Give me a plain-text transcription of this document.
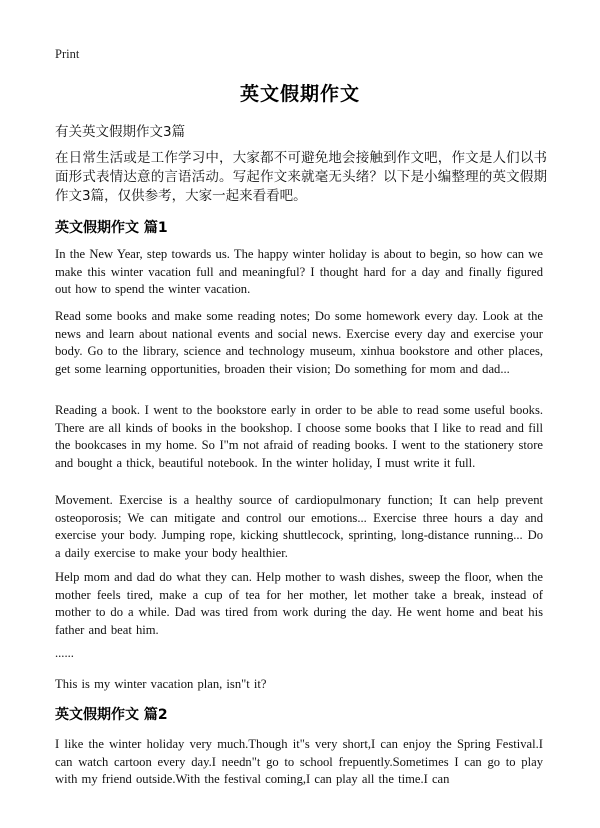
Print
英文假期作文
有关英文假期作文3篇
在日常生活或是工作学习中，大家都不可避免地会接触到作文吧，作文是人们以书面形式表情达意的言语活动。写起作文来就毫无头绪？以下是小编整理的英文假期作文3篇，仅供参考，大家一起来看看吧。
英文假期作文 篇1
In the New Year, step towards us. The happy winter holiday is about to begin, so how can we make this winter vacation full and meaningful? I thought hard for a day and finally figured out how to spend the winter vacation.
Read some books and make some reading notes; Do some homework every day. Look at the news and learn about national events and social news. Exercise every day and exercise your body. Go to the library, science and technology museum, xinhua bookstore and other places, get some learning opportunities, broaden their vision; Do something for mom and dad...
Reading a book. I went to the bookstore early in order to be able to read some useful books. There are all kinds of books in the bookshop. I choose some books that I like to read and fill the bookcases in my home. So I"m not afraid of reading books. I went to the stationery store and bought a thick, beautiful notebook. In the winter holiday, I must write it full.
Movement. Exercise is a healthy source of cardiopulmonary function; It can help prevent osteoporosis; We can mitigate and control our emotions... Exercise three hours a day and exercise your body. Jumping rope, kicking shuttlecock, sprinting, long-distance running... Do a daily exercise to make your body healthier.
Help mom and dad do what they can. Help mother to wash dishes, sweep the floor, when the mother feels tired, make a cup of tea for her mother, let mother take a break, instead of mother to do a while. Dad was tired from work during the day. He went home and beat his father and beat him.
......
This is my winter vacation plan, isn"t it?
英文假期作文 篇2
I like the winter holiday very much.Though it"s very short,I can enjoy the Spring Festival.I can watch cartoon every day.I needn"t go to school frepuently.Sometimes I can go to play with my friend outside.With the festival coming,I can play all the time.I can
